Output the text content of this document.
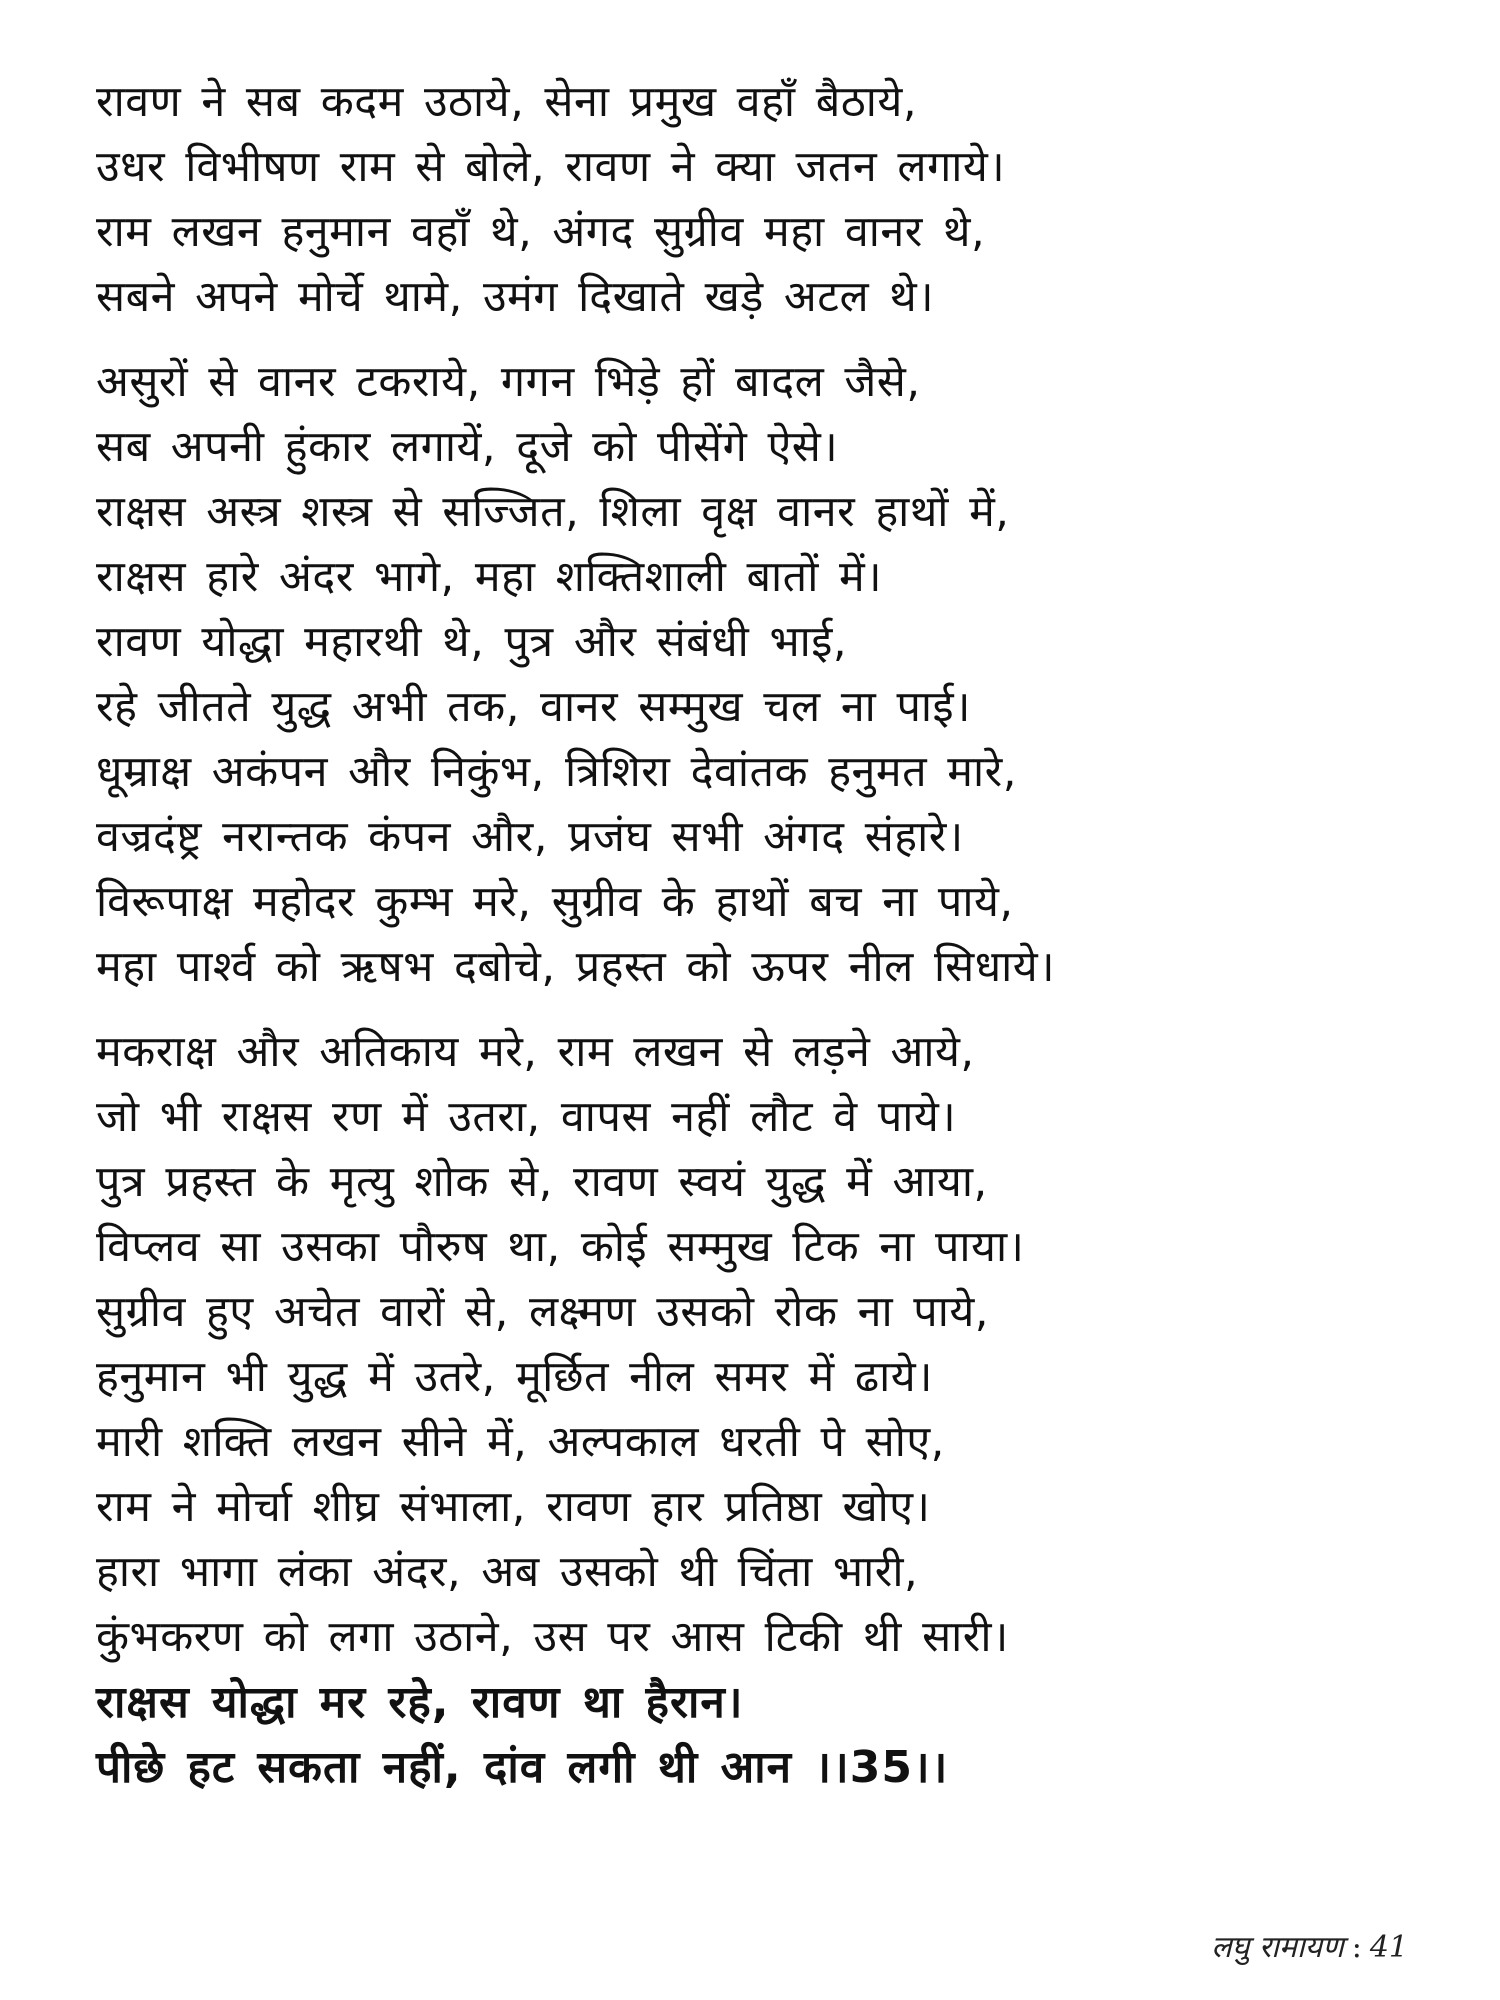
रावण ने सब कदम उठाये, सेना प्रमुख वहाँ बैठाये,
उधर विभीषण राम से बोले, रावण ने क्या जतन लगाये।
राम लखन हनुमान वहाँ थे, अंगद सुग्रीव महा वानर थे,
सबने अपने मोर्चे थामे, उमंग दिखाते खड़े अटल थे।
असुरों से वानर टकराये, गगन भिड़े हों बादल जैसे,
सब अपनी हुंकार लगायें, दूजे को पीसेंगे ऐसे।
राक्षस अस्त्र शस्त्र से सज्जित, शिला वृक्ष वानर हाथों में,
राक्षस हारे अंदर भागे, महा शक्तिशाली बातों में।
रावण योद्धा महारथी थे, पुत्र और संबंधी भाई,
रहे जीतते युद्ध अभी तक, वानर सम्मुख चल ना पाई।
धूम्राक्ष अकंपन और निकुंभ, त्रिशिरा देवांतक हनुमत मारे,
वज्रदंष्ट्र नरान्तक कंपन और, प्रजंघ सभी अंगद संहारे।
विरूपाक्ष महोदर कुम्भ मरे, सुग्रीव के हाथों बच ना पाये,
महा पार्श्व को ऋषभ दबोचे, प्रहस्त को ऊपर नील सिधाये।
मकराक्ष और अतिकाय मरे, राम लखन से लड़ने आये,
जो भी राक्षस रण में उतरा, वापस नहीं लौट वे पाये।
पुत्र प्रहस्त के मृत्यु शोक से, रावण स्वयं युद्ध में आया,
विप्लव सा उसका पौरुष था, कोई सम्मुख टिक ना पाया।
सुग्रीव हुए अचेत वारों से, लक्ष्मण उसको रोक ना पाये,
हनुमान भी युद्ध में उतरे, मूर्छित नील समर में ढाये।
मारी शक्ति लखन सीने में, अल्पकाल धरती पे सोए,
राम ने मोर्चा शीघ्र संभाला, रावण हार प्रतिष्ठा खोए।
हारा भागा लंका अंदर, अब उसको थी चिंता भारी,
कुंभकरण को लगा उठाने, उस पर आस टिकी थी सारी।
राक्षस योद्धा मर रहे, रावण था हैरान।
पीछे हट सकता नहीं, दांव लगी थी आन ।।35।।
लघु रामायण : 41
